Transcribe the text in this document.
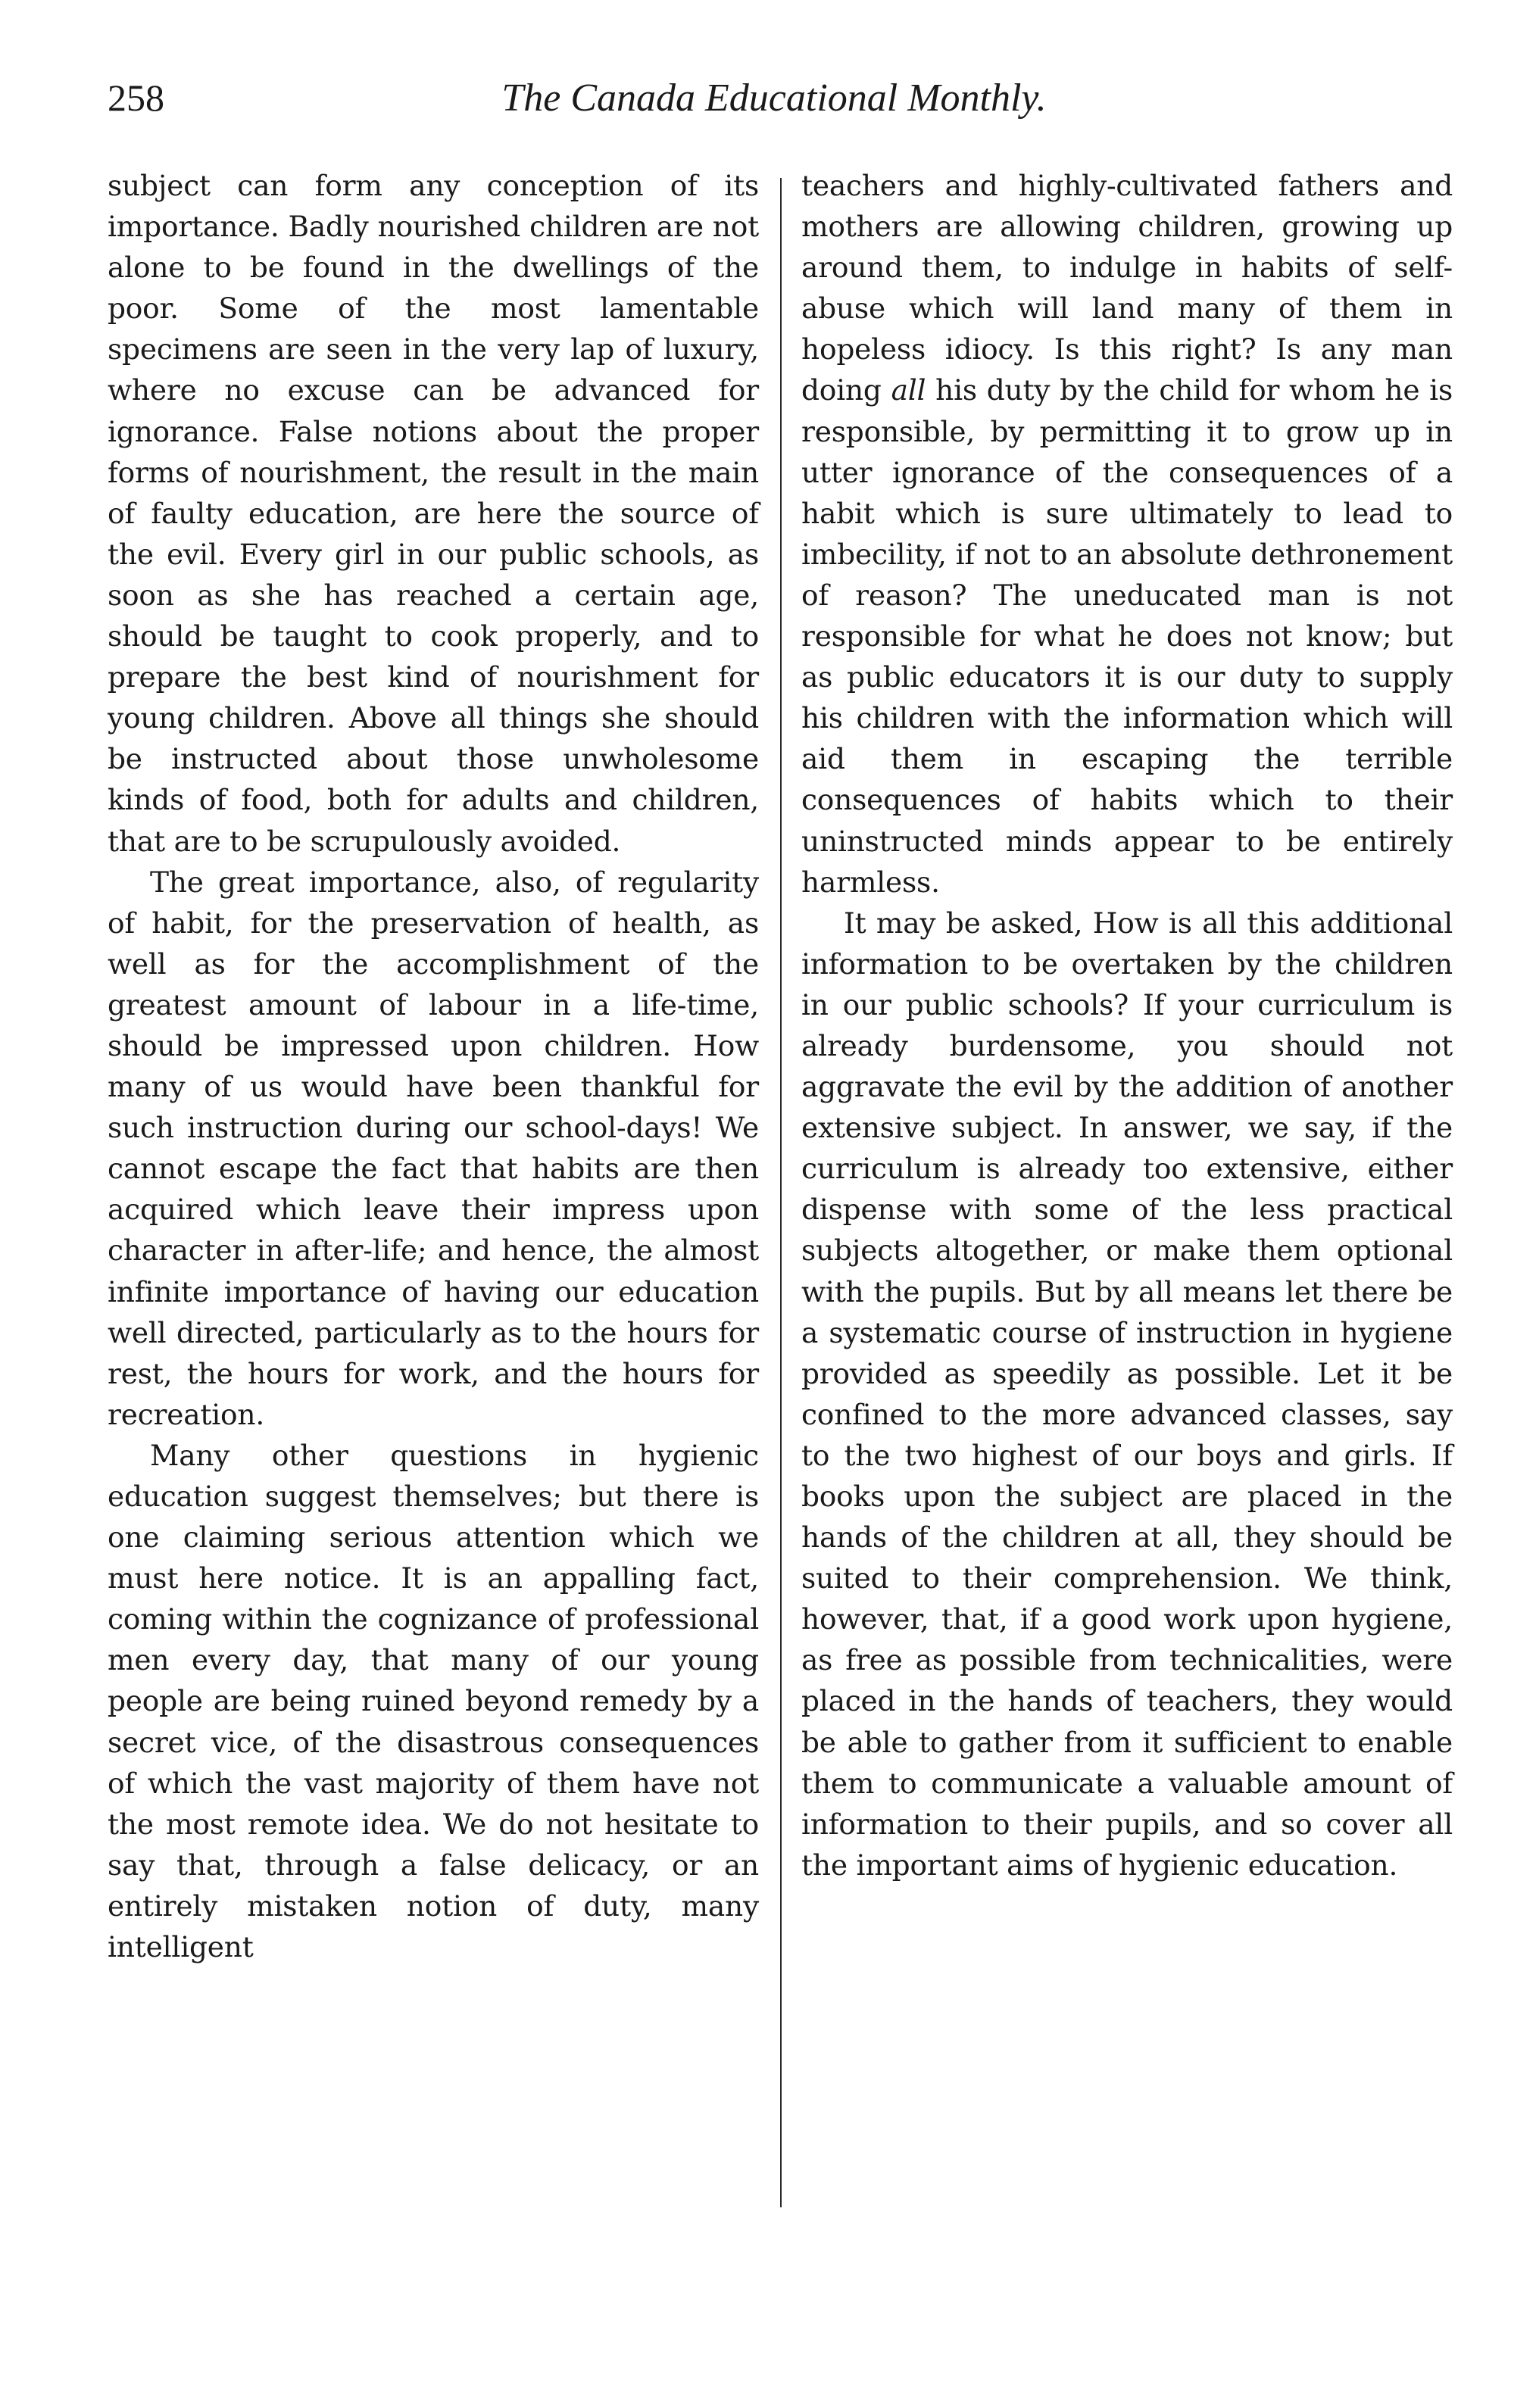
258	The Canada Educational Monthly.

subject can form any conception of its importance. Badly nourished children are not alone to be found in the dwellings of the poor. Some of the most lamentable specimens are seen in the very lap of luxury, where no excuse can be advanced for ignorance. False notions about the proper forms of nourishment, the result in the main of faulty education, are here the source of the evil. Every girl in our public schools, as soon as she has reached a certain age, should be taught to cook properly, and to prepare the best kind of nourishment for young children. Above all things she should be instructed about those unwholesome kinds of food, both for adults and children, that are to be scrupulously avoided.

The great importance, also, of regularity of habit, for the preservation of health, as well as for the accomplishment of the greatest amount of labour in a life-time, should be impressed upon children. How many of us would have been thankful for such instruction during our school-days! We cannot escape the fact that habits are then acquired which leave their impress upon character in after-life; and hence, the almost infinite importance of having our education well directed, particularly as to the hours for rest, the hours for work, and the hours for recreation.

Many other questions in hygienic education suggest themselves; but there is one claiming serious attention which we must here notice. It is an appalling fact, coming within the cognizance of professional men every day, that many of our young people are being ruined beyond remedy by a secret vice, of the disastrous consequences of which the vast majority of them have not the most remote idea. We do not hesitate to say that, through a false delicacy, or an entirely mistaken notion of duty, many intelligent

teachers and highly-cultivated fathers and mothers are allowing children, growing up around them, to indulge in habits of self-abuse which will land many of them in hopeless idiocy. Is this right? Is any man doing all his duty by the child for whom he is responsible, by permitting it to grow up in utter ignorance of the consequences of a habit which is sure ultimately to lead to imbecility, if not to an absolute dethronement of reason? The uneducated man is not responsible for what he does not know; but as public educators it is our duty to supply his children with the information which will aid them in escaping the terrible consequences of habits which to their uninstructed minds appear to be entirely harmless.

It may be asked, How is all this additional information to be overtaken by the children in our public schools? If your curriculum is already burdensome, you should not aggravate the evil by the addition of another extensive subject. In answer, we say, if the curriculum is already too extensive, either dispense with some of the less practical subjects altogether, or make them optional with the pupils. But by all means let there be a systematic course of instruction in hygiene provided as speedily as possible. Let it be confined to the more advanced classes, say to the two highest of our boys and girls. If books upon the subject are placed in the hands of the children at all, they should be suited to their comprehension. We think, however, that, if a good work upon hygiene, as free as possible from technicalities, were placed in the hands of teachers, they would be able to gather from it sufficient to enable them to communicate a valuable amount of information to their pupils, and so cover all the important aims of hygienic education.
